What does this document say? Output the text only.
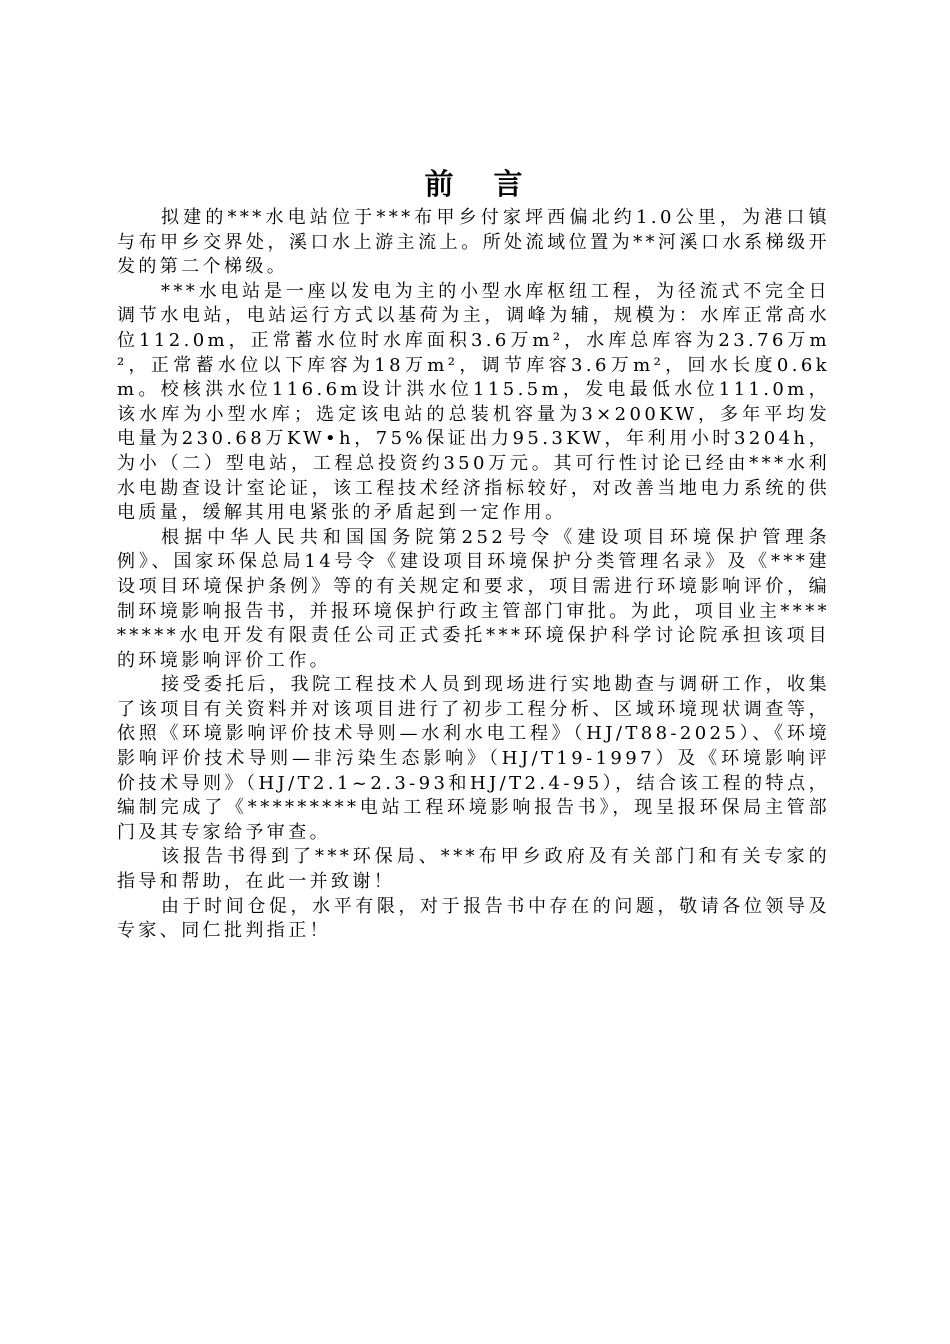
前言

拟建的***水电站位于***布甲乡付家坪西偏北约1.0公里，为港口镇与布甲乡交界处，溪口水上游主流上。所处流域位置为**河溪口水系梯级开发的第二个梯级。

***水电站是一座以发电为主的小型水库枢纽工程，为径流式不完全日调节水电站，电站运行方式以基荷为主，调峰为辅，规模为：水库正常高水位112.0m，正常蓄水位时水库面积3.6万m²，水库总库容为23.76万m²，正常蓄水位以下库容为18万m²，调节库容3.6万m²，回水长度0.6km。校核洪水位116.6m设计洪水位115.5m，发电最低水位111.0m，该水库为小型水库；选定该电站的总装机容量为3×200KW，多年平均发电量为230.68万KW•h，75%保证出力95.3KW，年利用小时3204h，为小（二）型电站，工程总投资约350万元。其可行性讨论已经由***水利水电勘查设计室论证，该工程技术经济指标较好，对改善当地电力系统的供电质量，缓解其用电紧张的矛盾起到一定作用。

根据中华人民共和国国务院第252号令《建设项目环境保护管理条例》、国家环保总局14号令《建设项目环境保护分类管理名录》及《***建设项目环境保护条例》等的有关规定和要求，项目需进行环境影响评价，编制环境影响报告书，并报环境保护行政主管部门审批。为此，项目业主*********水电开发有限责任公司正式委托***环境保护科学讨论院承担该项目的环境影响评价工作。

接受委托后，我院工程技术人员到现场进行实地勘查与调研工作，收集了该项目有关资料并对该项目进行了初步工程分析、区域环境现状调查等，依照《环境影响评价技术导则—水利水电工程》（HJ/T88-2025）、《环境影响评价技术导则—非污染生态影响》（HJ/T19-1997）及《环境影响评价技术导则》（HJ/T2.1~2.3-93和HJ/T2.4-95），结合该工程的特点，编制完成了《*********电站工程环境影响报告书》，现呈报环保局主管部门及其专家给予审查。

该报告书得到了***环保局、***布甲乡政府及有关部门和有关专家的指导和帮助，在此一并致谢！

由于时间仓促，水平有限，对于报告书中存在的问题，敬请各位领导及专家、同仁批判指正！
